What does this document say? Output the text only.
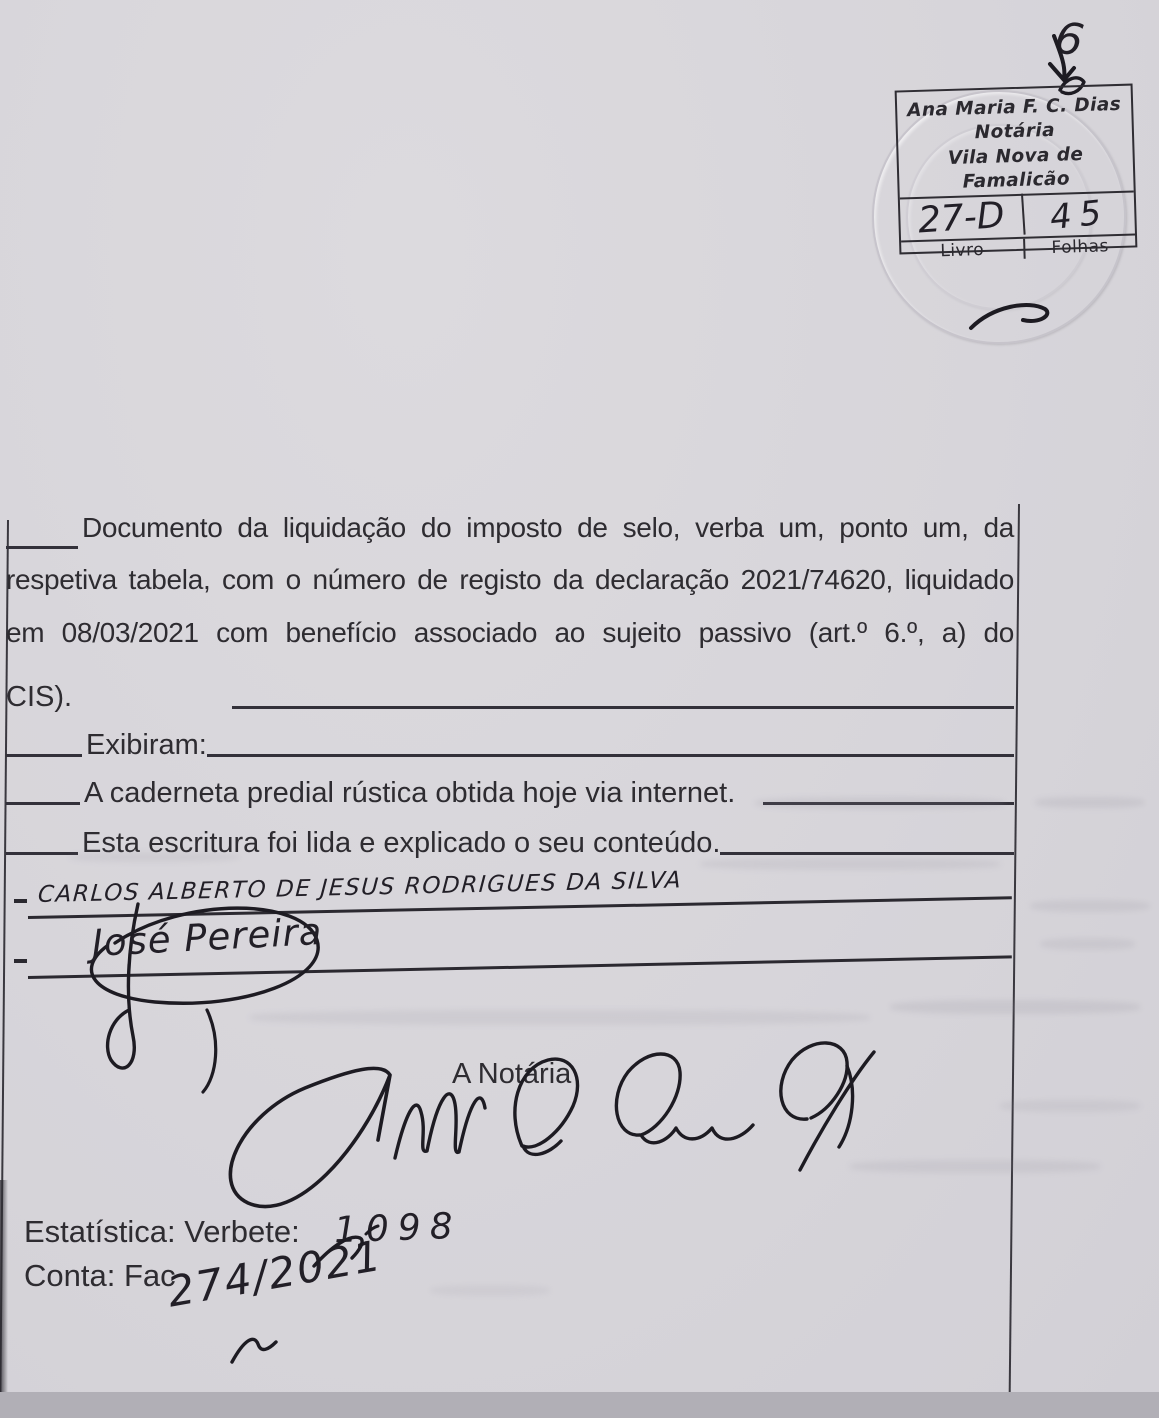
6
Ana Maria F. C. Dias
Notária
Vila Nova de Famalicão
27-D	45
Livro	Folhas
Documento da liquidação do imposto de selo, verba um, ponto um, da
respetiva tabela, com o número de registo da declaração 2021/74620, liquidado
em 08/03/2021 com benefício associado ao sujeito passivo (art.º 6.º, a) do
CIS).
Exibiram:
A caderneta predial rústica obtida hoje via internet.
Esta escritura foi lida e explicado o seu conteúdo.
CARLOS ALBERTO DE JESUS RODRIGUES DA SILVA
José Pereira
A Notária
Estatística: Verbete: 1098
Conta: Fac
274/2021
